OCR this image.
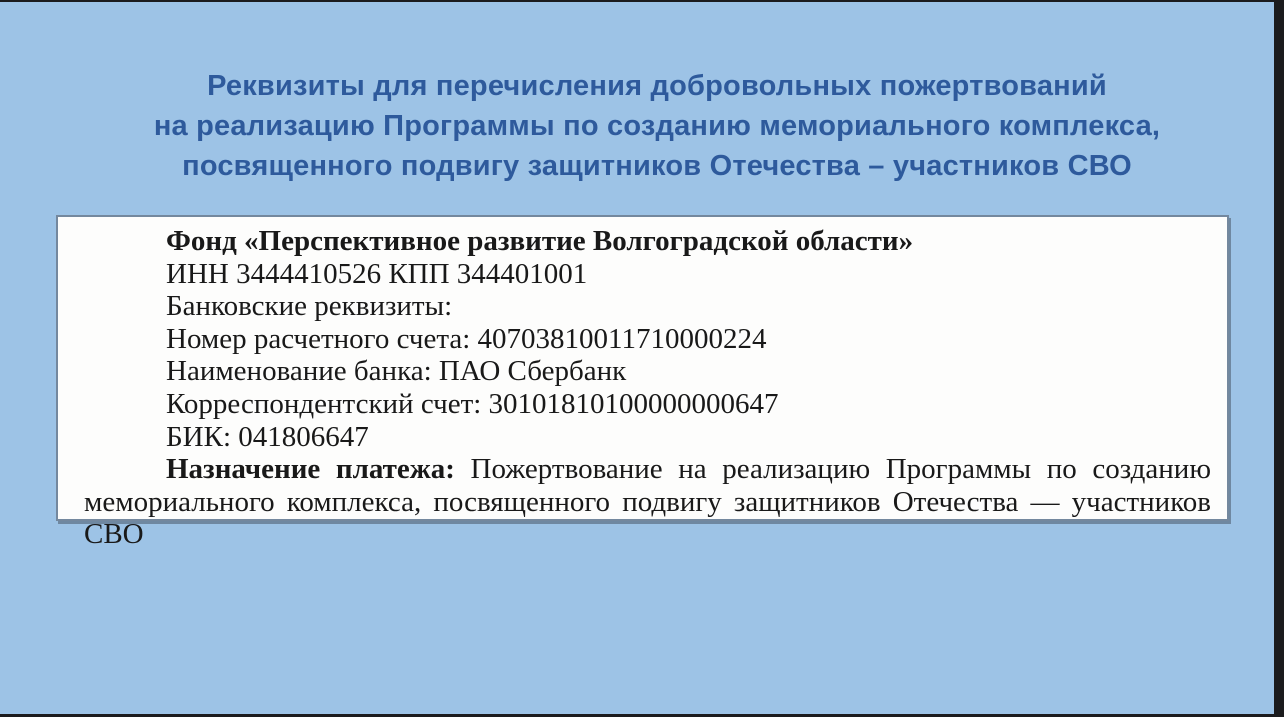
Реквизиты для перечисления добровольных пожертвований
на реализацию Программы по созданию мемориального комплекса,
посвященного подвигу защитников Отечества – участников СВО
Фонд «Перспективное развитие Волгоградской области»
ИНН 3444410526 КПП 344401001
Банковские реквизиты:
Номер расчетного счета: 40703810011710000224
Наименование банка: ПАО Сбербанк
Корреспондентский счет: 30101810100000000647
БИК: 041806647
Назначение платежа: Пожертвование на реализацию Программы по созданию
мемориального комплекса, посвященного подвигу защитников Отечества — участников СВО
